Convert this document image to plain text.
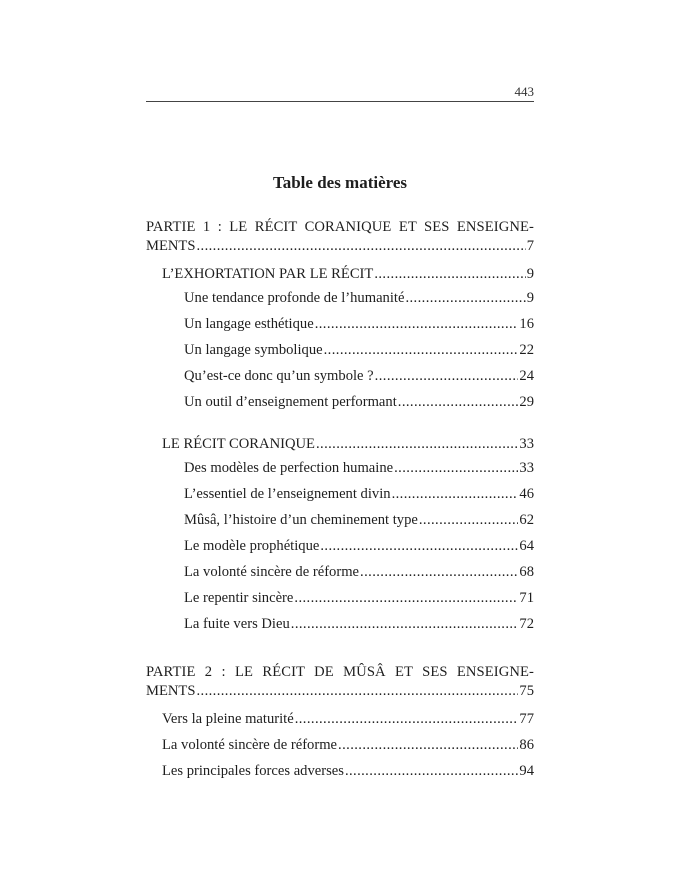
443
Table des matières
PARTIE 1 : LE RÉCIT CORANIQUE ET SES ENSEIGNE-
MENTS .....	7
L’EXHORTATION PAR LE RÉCIT .....	9
Une tendance profonde de l’humanité .....	9
Un langage esthétique .....	16
Un langage symbolique .....	22
Qu’est-ce donc qu’un symbole ? .....	24
Un outil d’enseignement performant .....	29
LE RÉCIT CORANIQUE .....	33
Des modèles de perfection humaine .....	33
L’essentiel de l’enseignement divin .....	46
Mûsâ, l’histoire d’un cheminement type .....	62
Le modèle prophétique .....	64
La volonté sincère de réforme .....	68
Le repentir sincère .....	71
La fuite vers Dieu .....	72
PARTIE 2 : LE RÉCIT DE MÛSÂ ET SES ENSEIGNE-
MENTS .....	75
Vers la pleine maturité .....	77
La volonté sincère de réforme .....	86
Les principales forces adverses .....	94
